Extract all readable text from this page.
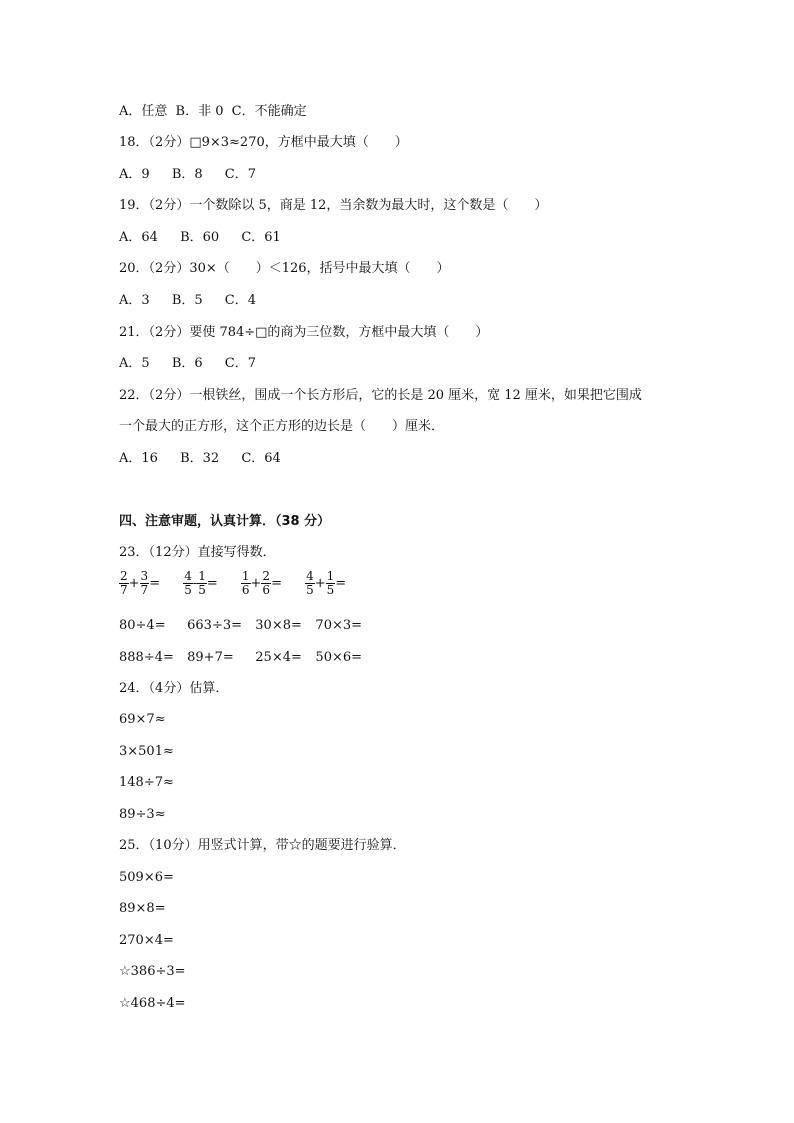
A．任意 B．非 0 C．不能确定
18．（2分）□9×3≈270，方框中最大填（　　）
A．9 B．8 C．7
19．（2分）一个数除以 5，商是 12，当余数为最大时，这个数是（　　）
A．64 B．60 C．61
20．（2分）30×（　　）＜126，括号中最大填（　　）
A．3 B．5 C．4
21．（2分）要使 784÷□的商为三位数，方框中最大填（　　）
A．5 B．6 C．7
22．（2分）一根铁丝，围成一个长方形后，它的长是 20 厘米，宽 12 厘米，如果把它围成
一个最大的正方形，这个正方形的边长是（　　）厘米．
A．16 B．32 C．64
四、注意审题，认真计算．（38 分）
23．（12分）直接写得数．
$\frac{2}{7} + \frac{3}{7} = \frac{4}{5} - \frac{1}{5} = \frac{1}{6} + \frac{2}{6} = \frac{4}{5} + \frac{1}{5}$ =
80÷4= 663÷3= 30×8= 70×3=
888÷4= 89+7= 25×4= 50×6=
24．（4分）估算．
69×7≈
3×501≈
148÷7≈
89÷3≈
25．（10分）用竖式计算，带☆的题要进行验算．
509×6=
89×8=
270×4=
☆386÷3=
☆468÷4=
